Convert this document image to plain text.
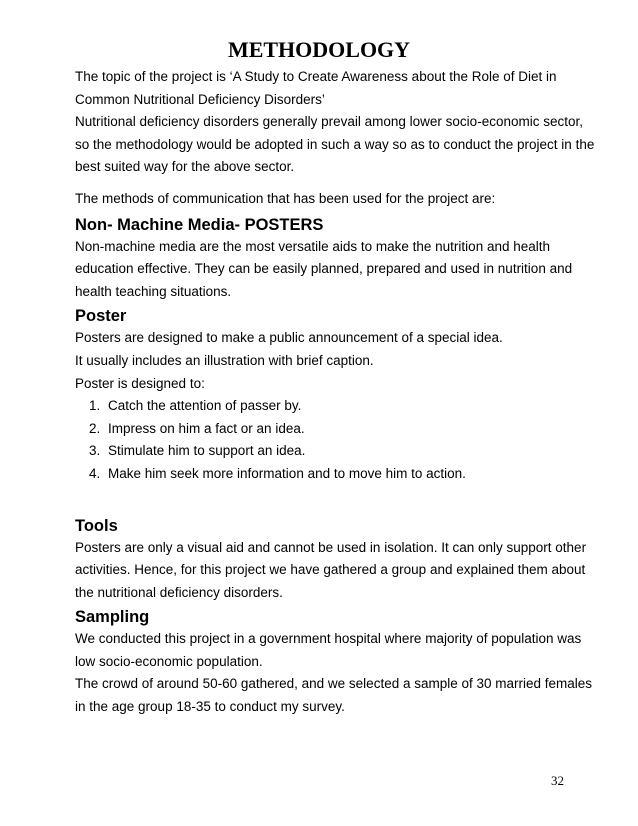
METHODOLOGY

The topic of the project is ‘A Study to Create Awareness about the Role of Diet in

Common Nutritional Deficiency Disorders’

Nutritional deficiency disorders generally prevail among lower socio-economic sector,

so the methodology would be adopted in such a way so as to conduct the project in the

best suited way for the above sector.

The methods of communication that has been used for the project are:

Non- Machine Media- POSTERS

Non-machine media are the most versatile aids to make the nutrition and health

education effective. They can be easily planned, prepared and used in nutrition and

health teaching situations.

Poster

Posters are designed to make a public announcement of a special idea.

It usually includes an illustration with brief caption.

Poster is designed to:

1. Catch the attention of passer by.
2. Impress on him a fact or an idea.
3. Stimulate him to support an idea.
4. Make him seek more information and to move him to action.
Tools

Posters are only a visual aid and cannot be used in isolation. It can only support other

activities. Hence, for this project we have gathered a group and explained them about

the nutritional deficiency disorders.

Sampling

We conducted this project in a government hospital where majority of population was

low socio-economic population.

The crowd of around 50-60 gathered, and we selected a sample of 30 married females

in the age group 18-35 to conduct my survey.

32
